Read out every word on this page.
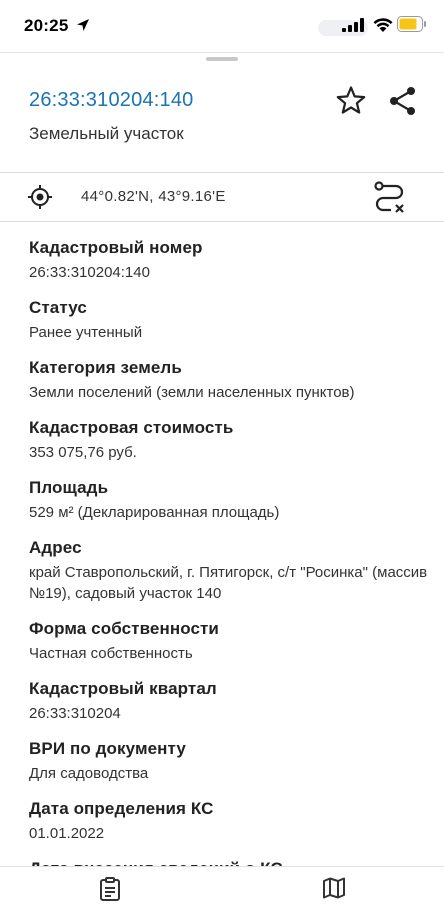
20:25
26:33:310204:140
Земельный участок
44°0.82'N, 43°9.16'E
Кадастровый номер
26:33:310204:140
Статус
Ранее учтенный
Категория земель
Земли поселений (земли населенных пунктов)
Кадастровая стоимость
353 075,76 руб.
Площадь
529 м² (Декларированная площадь)
Адрес
край Ставропольский, г. Пятигорск, с/т "Росинка" (массив №19), садовый участок 140
Форма собственности
Частная собственность
Кадастровый квартал
26:33:310204
ВРИ по документу
Для садоводства
Дата определения КС
01.01.2022
